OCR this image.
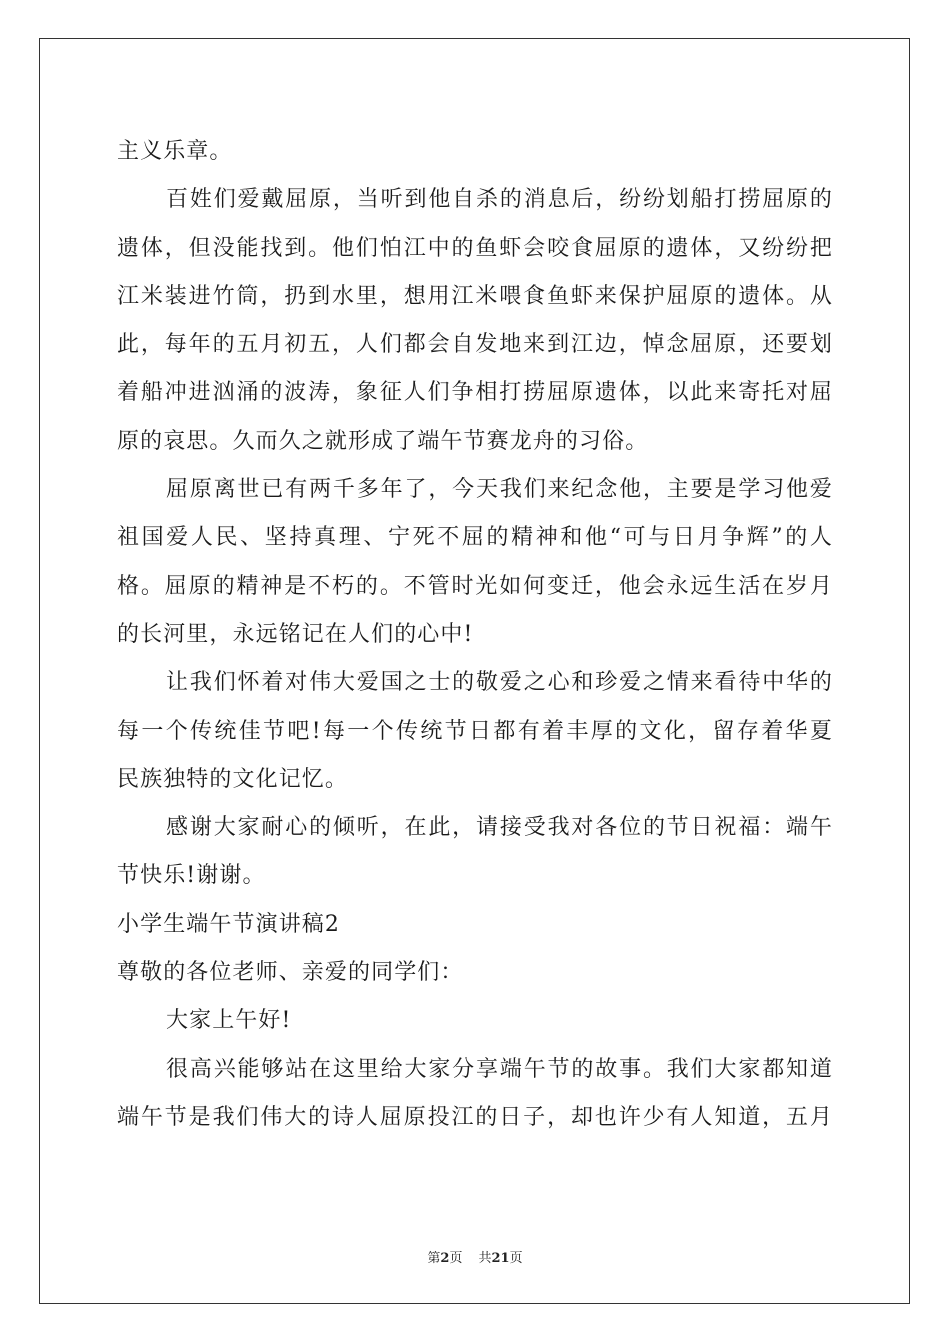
主义乐章。
百姓们爱戴屈原，当听到他自杀的消息后，纷纷划船打捞屈原的
遗体，但没能找到。他们怕江中的鱼虾会咬食屈原的遗体，又纷纷把
江米装进竹筒，扔到水里，想用江米喂食鱼虾来保护屈原的遗体。从
此，每年的五月初五，人们都会自发地来到江边，悼念屈原，还要划
着船冲进汹涌的波涛，象征人们争相打捞屈原遗体，以此来寄托对屈
原的哀思。久而久之就形成了端午节赛龙舟的习俗。
屈原离世已有两千多年了，今天我们来纪念他，主要是学习他爱
祖国爱人民、坚持真理、宁死不屈的精神和他“可与日月争辉”的人
格。屈原的精神是不朽的。不管时光如何变迁，他会永远生活在岁月
的长河里，永远铭记在人们的心中!
让我们怀着对伟大爱国之士的敬爱之心和珍爱之情来看待中华的
每一个传统佳节吧!每一个传统节日都有着丰厚的文化，留存着华夏
民族独特的文化记忆。
感谢大家耐心的倾听，在此，请接受我对各位的节日祝福：端午
节快乐!谢谢。
小学生端午节演讲稿2
尊敬的各位老师、亲爱的同学们：
大家上午好!
很高兴能够站在这里给大家分享端午节的故事。我们大家都知道
端午节是我们伟大的诗人屈原投江的日子，却也许少有人知道，五月
第2页 共21页
